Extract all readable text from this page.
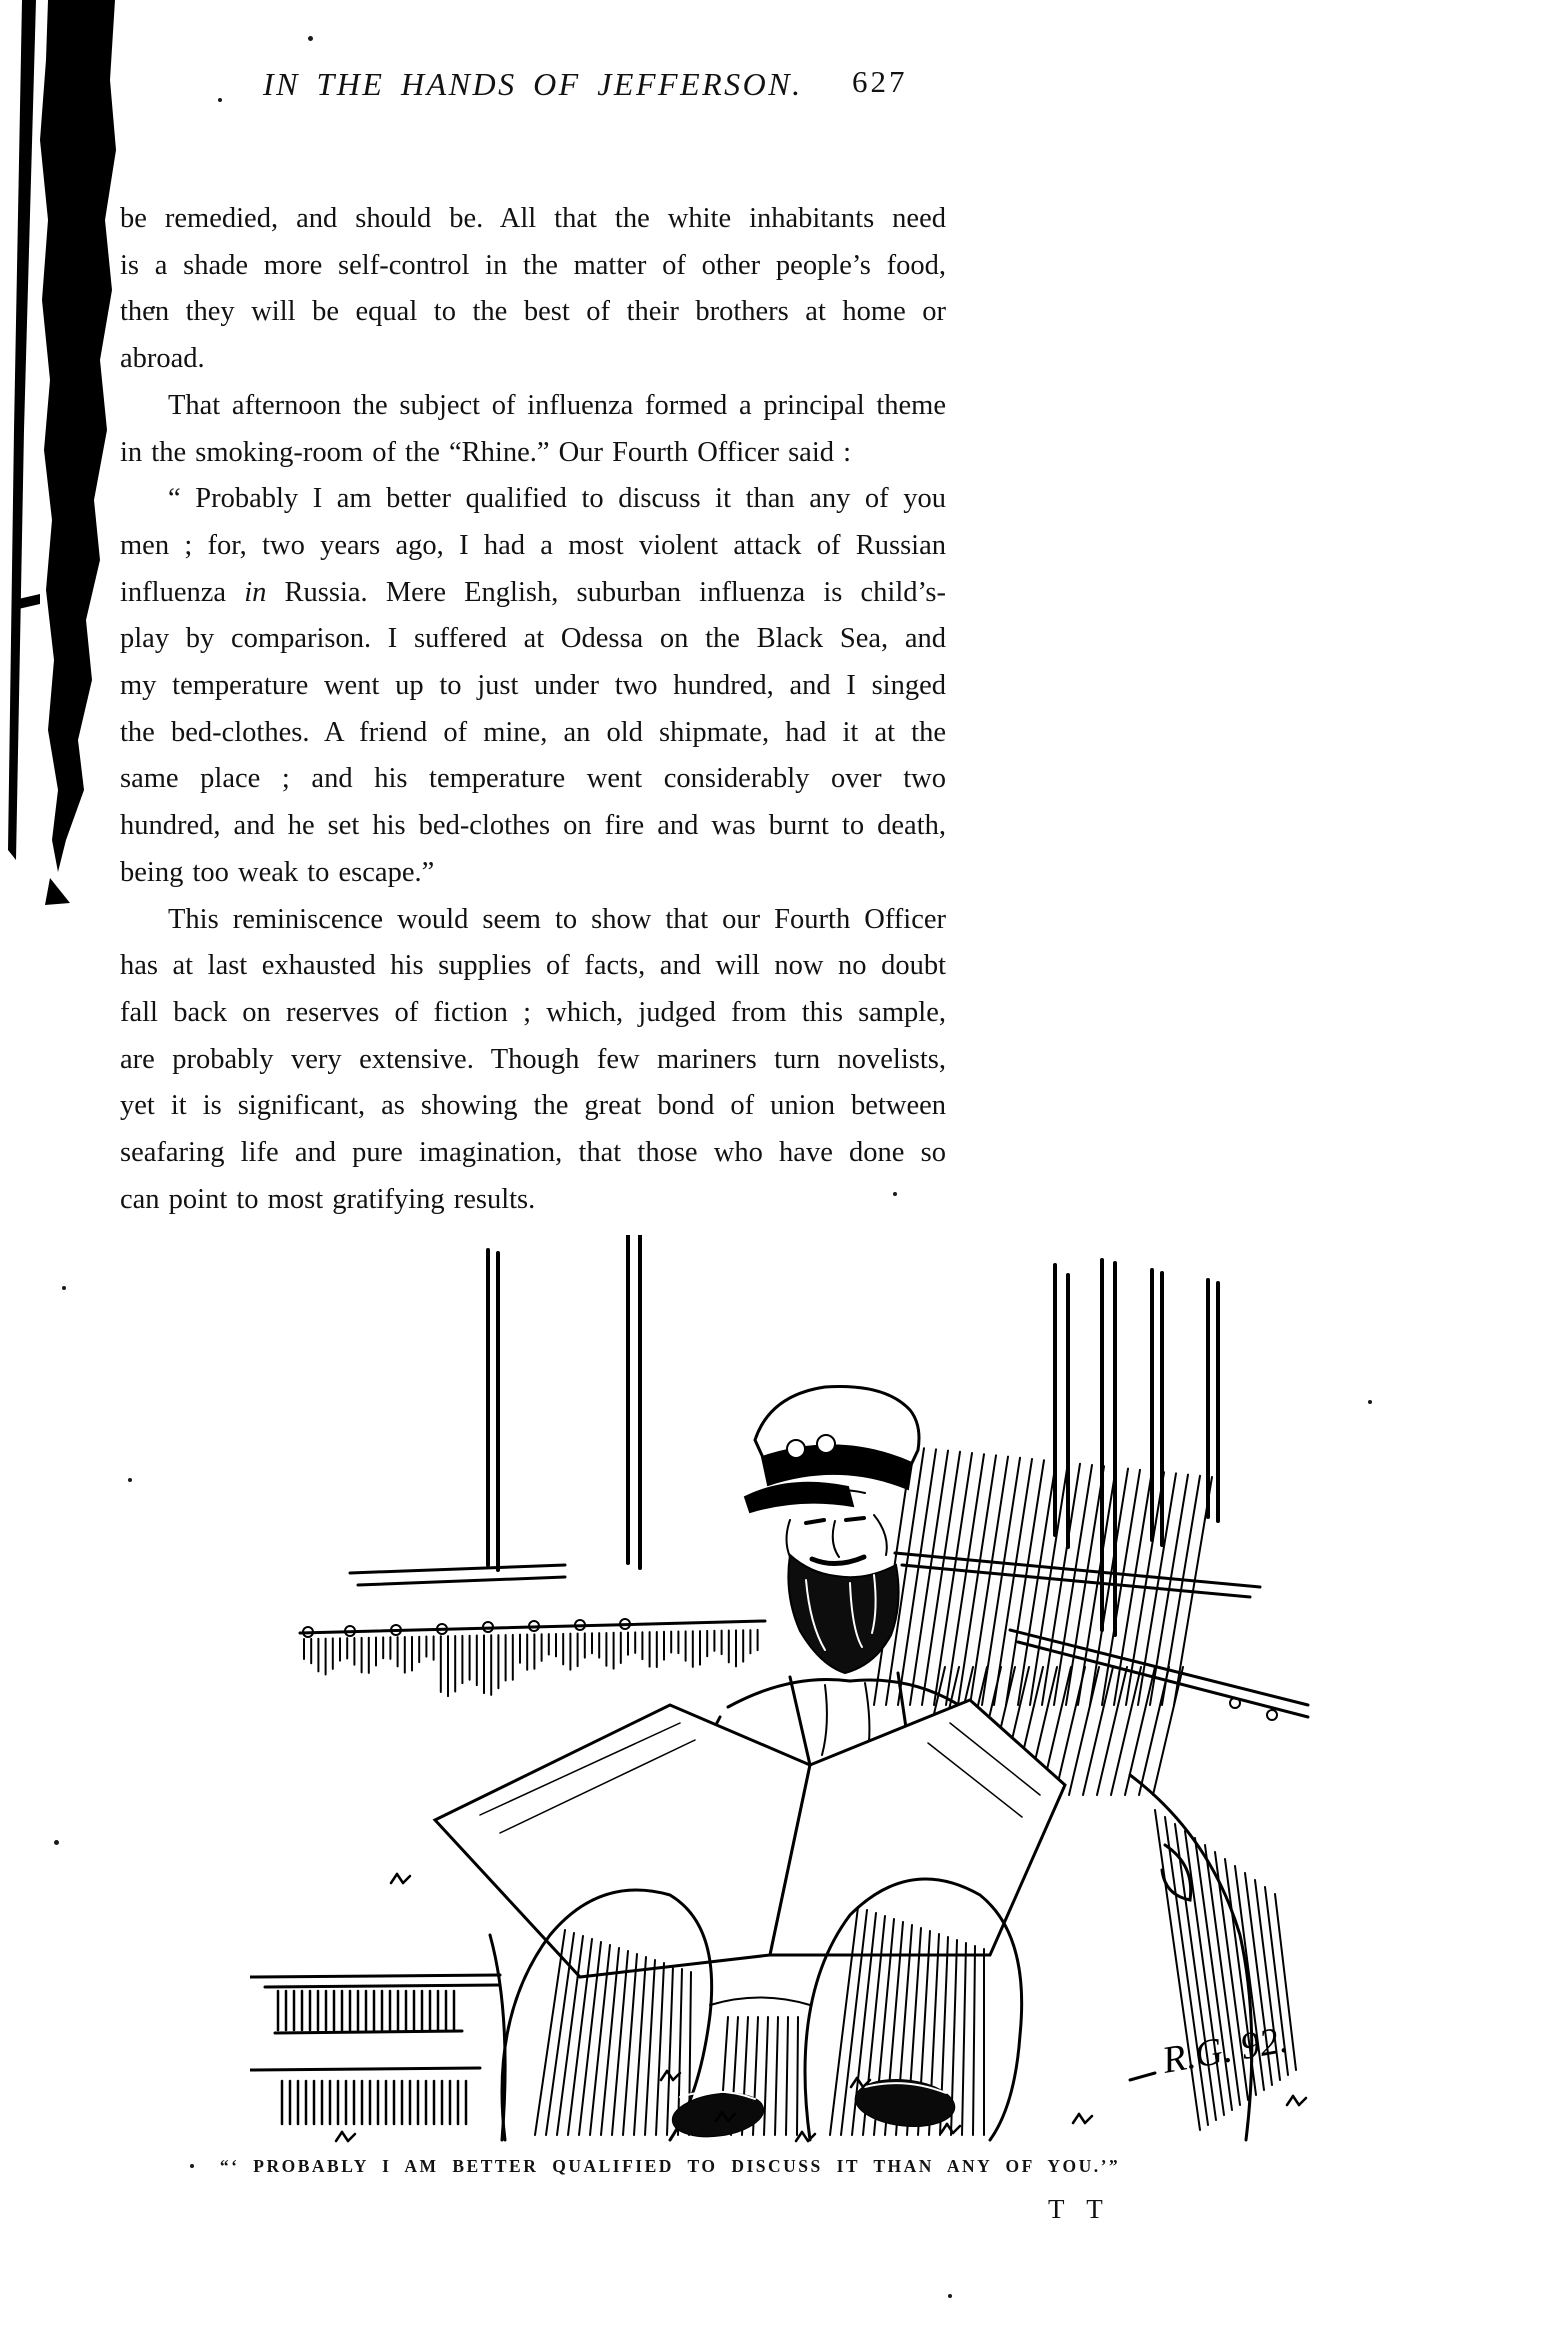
IN THE HANDS OF JEFFERSON. 627
be remedied, and should be. All that the white inhabitants need
is a shade more self-control in the matter of other people’s food,
then they will be equal to the best of their brothers at home or
abroad.
That afternoon the subject of influenza formed a principal theme
in the smoking-room of the “Rhine.” Our Fourth Officer said :
“ Probably I am better qualified to discuss it than any of you
men ; for, two years ago, I had a most violent attack of Russian
influenza in Russia. Mere English, suburban influenza is child’s-
play by comparison. I suffered at Odessa on the Black Sea, and
my temperature went up to just under two hundred, and I singed
the bed-clothes. A friend of mine, an old shipmate, had it at the
same place ; and his temperature went considerably over two
hundred, and he set his bed-clothes on fire and was burnt to death,
being too weak to escape.”
This reminiscence would seem to show that our Fourth Officer
has at last exhausted his supplies of facts, and will now no doubt
fall back on reserves of fiction ; which, judged from this sample,
are probably very extensive. Though few mariners turn novelists,
yet it is significant, as showing the great bond of union between
seafaring life and pure imagination, that those who have done so
can point to most gratifying results.
R.G. 92.
“‘ PROBABLY I AM BETTER QUALIFIED TO DISCUSS IT THAN ANY OF YOU.’”
T T
